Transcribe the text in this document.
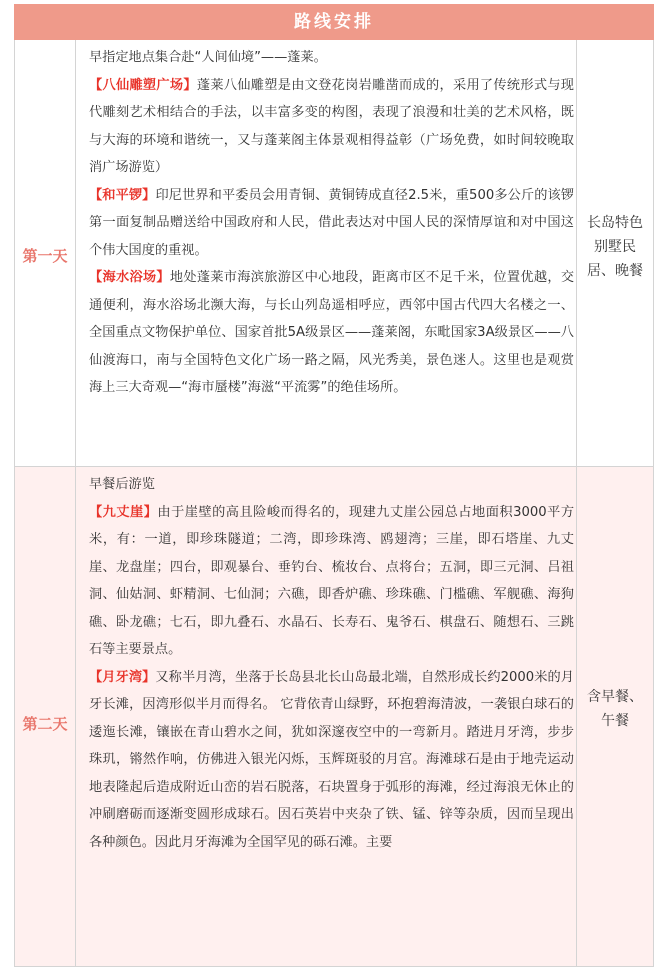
路线安排
第一天

早指定地点集合赴“人间仙境”——蓬莱。

【八仙雕塑广场】蓬莱八仙雕塑是由文登花岗岩雕凿而成的，采用了传统形式与现代雕刻艺术相结合的手法，以丰富多变的构图，表现了浪漫和壮美的艺术风格，既与大海的环境和谐统一，又与蓬莱阁主体景观相得益彰（广场免费，如时间较晚取消广场游览）

【和平锣】印尼世界和平委员会用青铜、黄铜铸成直径2.5米，重500多公斤的该锣第一面复制品赠送给中国政府和人民，借此表达对中国人民的深情厚谊和对中国这个伟大国度的重视。

【海水浴场】地处蓬莱市海滨旅游区中心地段，距离市区不足千米，位置优越，交通便利，海水浴场北濒大海，与长山列岛遥相呼应，西邻中国古代四大名楼之一、全国重点文物保护单位、国家首批5A级景区——蓬莱阁，东毗国家3A级景区——八仙渡海口，南与全国特色文化广场一路之隔，风光秀美，景色迷人。这里也是观赏海上三大奇观—“海市蜃楼”海滋“平流雾”的绝佳场所。

长岛特色别墅民居、晚餐
第二天

早餐后游览

【九丈崖】由于崖壁的高且险峻而得名的，现建九丈崖公园总占地面积3000平方米，有：一道，即珍珠隧道；二湾，即珍珠湾、鸥翅湾；三崖，即石塔崖、九丈崖、龙盘崖；四台，即观暴台、垂钓台、梳妆台、点将台；五洞，即三元洞、吕祖洞、仙姑洞、虾精洞、七仙洞；六礁，即香炉礁、珍珠礁、门槛礁、军舰礁、海狗礁、卧龙礁；七石，即九叠石、水晶石、长寿石、鬼爷石、棋盘石、随想石、三跳石等主要景点。

【月牙湾】又称半月湾，坐落于长岛县北长山岛最北端，自然形成长约2000米的月牙长滩，因湾形似半月而得名。 它背依青山绿野，环抱碧海清波，一袭银白球石的逶迤长滩，镶嵌在青山碧水之间，犹如深邃夜空中的一弯新月。踏进月牙湾，步步珠玑，锵然作响，仿佛进入银光闪烁，玉辉斑驳的月宫。海滩球石是由于地壳运动地表隆起后造成附近山峦的岩石脱落，石块置身于弧形的海滩，经过海浪无休止的冲刷磨砺而逐渐变圆形成球石。因石英岩中夹杂了铁、锰、锌等杂质，因而呈现出各种颜色。因此月牙海滩为全国罕见的砾石滩。主要

含早餐、午餐
